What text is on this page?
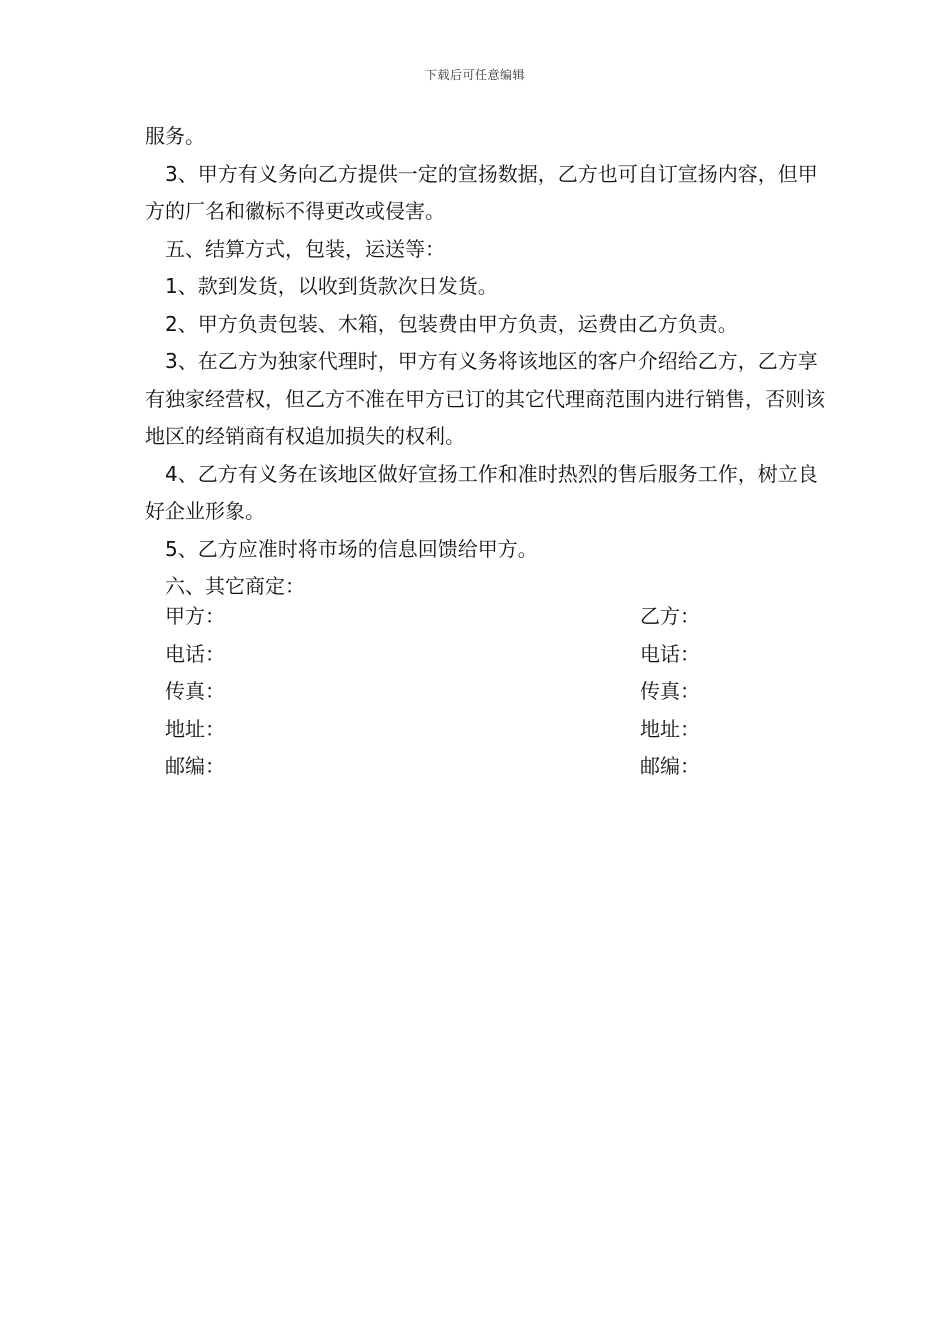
下载后可任意编辑

服务。

3、甲方有义务向乙方提供一定的宣扬数据，乙方也可自订宣扬内容，但甲方的厂名和徽标不得更改或侵害。

五、结算方式，包装，运送等：

1、款到发货，以收到货款次日发货。

2、甲方负责包装、木箱，包装费由甲方负责，运费由乙方负责。

3、在乙方为独家代理时，甲方有义务将该地区的客户介绍给乙方，乙方享有独家经营权，但乙方不准在甲方已订的其它代理商范围内进行销售，否则该地区的经销商有权追加损失的权利。

4、乙方有义务在该地区做好宣扬工作和准时热烈的售后服务工作，树立良好企业形象。

5、乙方应准时将市场的信息回馈给甲方。

六、其它商定：

甲方：	乙方：
电话：	电话：
传真：	传真：
地址：	地址：
邮编：	邮编：
